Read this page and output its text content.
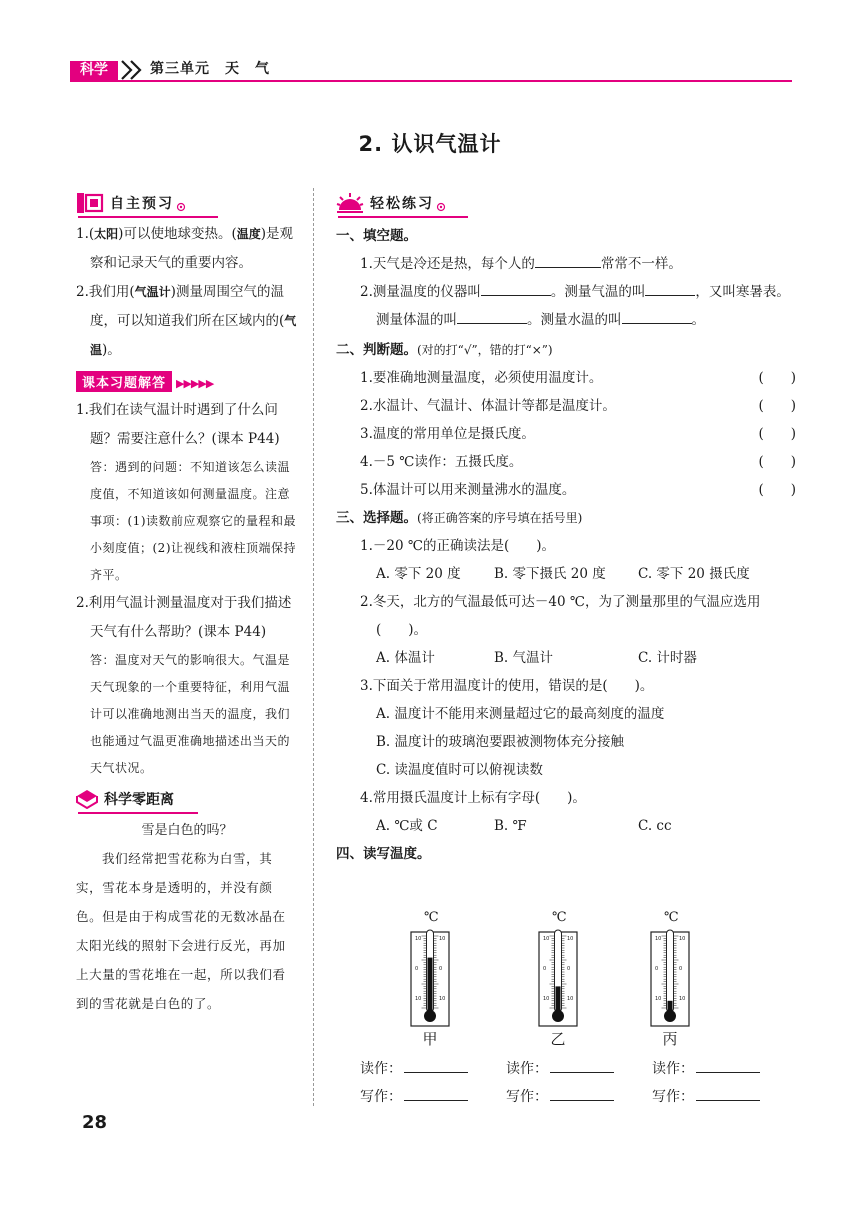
科学	第三单元　天　气
2. 认识气温计
自主预习
1.(太阳)可以使地球变热。(温度)是观察和记录天气的重要内容。
2.我们用(气温计)测量周围空气的温度，可以知道我们所在区域内的(气温)。
课本习题解答 ▶▶▶▶▶
1.我们在读气温计时遇到了什么问题？需要注意什么？(课本 P44)
答：遇到的问题：不知道该怎么读温度值，不知道该如何测量温度。注意事项：(1)读数前应观察它的量程和最小刻度值；(2)让视线和液柱顶端保持齐平。
2.利用气温计测量温度对于我们描述天气有什么帮助？(课本 P44)
答：温度对天气的影响很大。气温是天气现象的一个重要特征，利用气温计可以准确地测出当天的温度，我们也能通过气温更准确地描述出当天的天气状况。
科学零距离
雪是白色的吗？
我们经常把雪花称为白雪，其实，雪花本身是透明的，并没有颜色。但是由于构成雪花的无数冰晶在太阳光线的照射下会进行反光，再加上大量的雪花堆在一起，所以我们看到的雪花就是白色的了。
轻松练习
一、填空题。
1.天气是冷还是热，每个人的	常常不一样。
2.测量温度的仪器叫	。测量气温的叫	，又叫寒暑表。测量体温的叫	。测量水温的叫	。
二、判断题。(对的打“√”，错的打“×”)
1.要准确地测量温度，必须使用温度计。	(　　)
2.水温计、气温计、体温计等都是温度计。	(　　)
3.温度的常用单位是摄氏度。	(　　)
4.－5 ℃读作：五摄氏度。	(　　)
5.体温计可以用来测量沸水的温度。	(　　)
三、选择题。(将正确答案的序号填在括号里)
1.－20 ℃的正确读法是(　　)。
A. 零下 20 度	B. 零下摄氏 20 度	C. 零下 20 摄氏度
2.冬天，北方的气温最低可达－40 ℃，为了测量那里的气温应选用(　　)。
A. 体温计	B. 气温计	C. 计时器
3.下面关于常用温度计的使用，错误的是(　　)。
A. 温度计不能用来测量超过它的最高刻度的温度
B. 温度计的玻璃泡要跟被测物体充分接触
C. 读温度值时可以俯视读数
4.常用摄氏温度计上标有字母(　　)。
A. ℃或 C	B. ℉	C. cc
四、读写温度。
℃
10	10
0	0
10	10
甲
读作：
写作：
℃
10	10
0	0
10	10
乙
读作：
写作：
℃
10	10
0	0
10	10
丙
读作：
写作：
28
